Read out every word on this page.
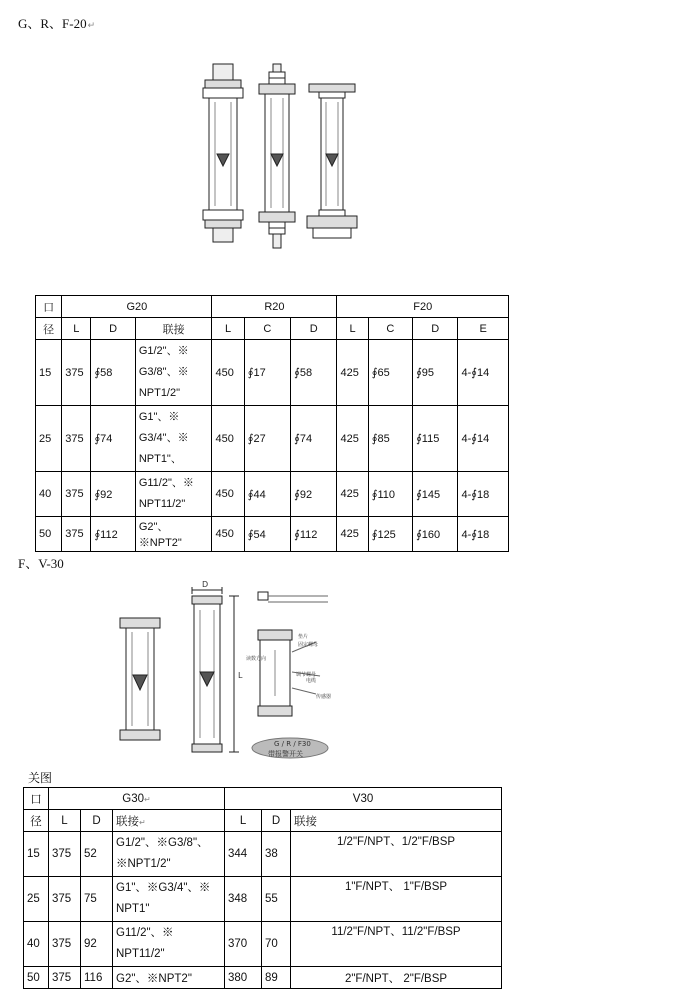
G、R、F-20↵
口	G20			R20			F20			
径	L	D	联接	L	C	D	L	C	D	E
15	375	∮58	G1/2"、※ G3/8"、※ NPT1/2"	450	∮17	∮58	425	∮65	∮95	4-∮14
25	375	∮74	G1"、※ G3/4"、※ NPT1"、	450	∮27	∮74	425	∮85	∮115	4-∮14
40	375	∮92	G11/2"、※ NPT11/2"	450	∮44	∮92	425	∮110	∮145	4-∮18
50	375	∮112	G2"、※NPT2"	450	∮54	∮112	425	∮125	∮160	4-∮18
F、V-30
D
L
垫片
固定螺母
读数方向
电缆
调节螺母
传感器
G / R / F30
带报警开关
关图
口	G30↵			V30		
径	L	D	联接↵	L	D	联接
15	375	52	G1/2"、※G3/8"、※NPT1/2"	344	38	1/2"F/NPT、1/2"F/BSP
25	375	75	G1"、※G3/4"、※ NPT1"	348	55	1"F/NPT、 1"F/BSP
40	375	92	G11/2"、※ NPT11/2"	370	70	11/2"F/NPT、11/2"F/BSP
50	375	116	G2"、※NPT2"	380	89	2"F/NPT、 2"F/BSP
